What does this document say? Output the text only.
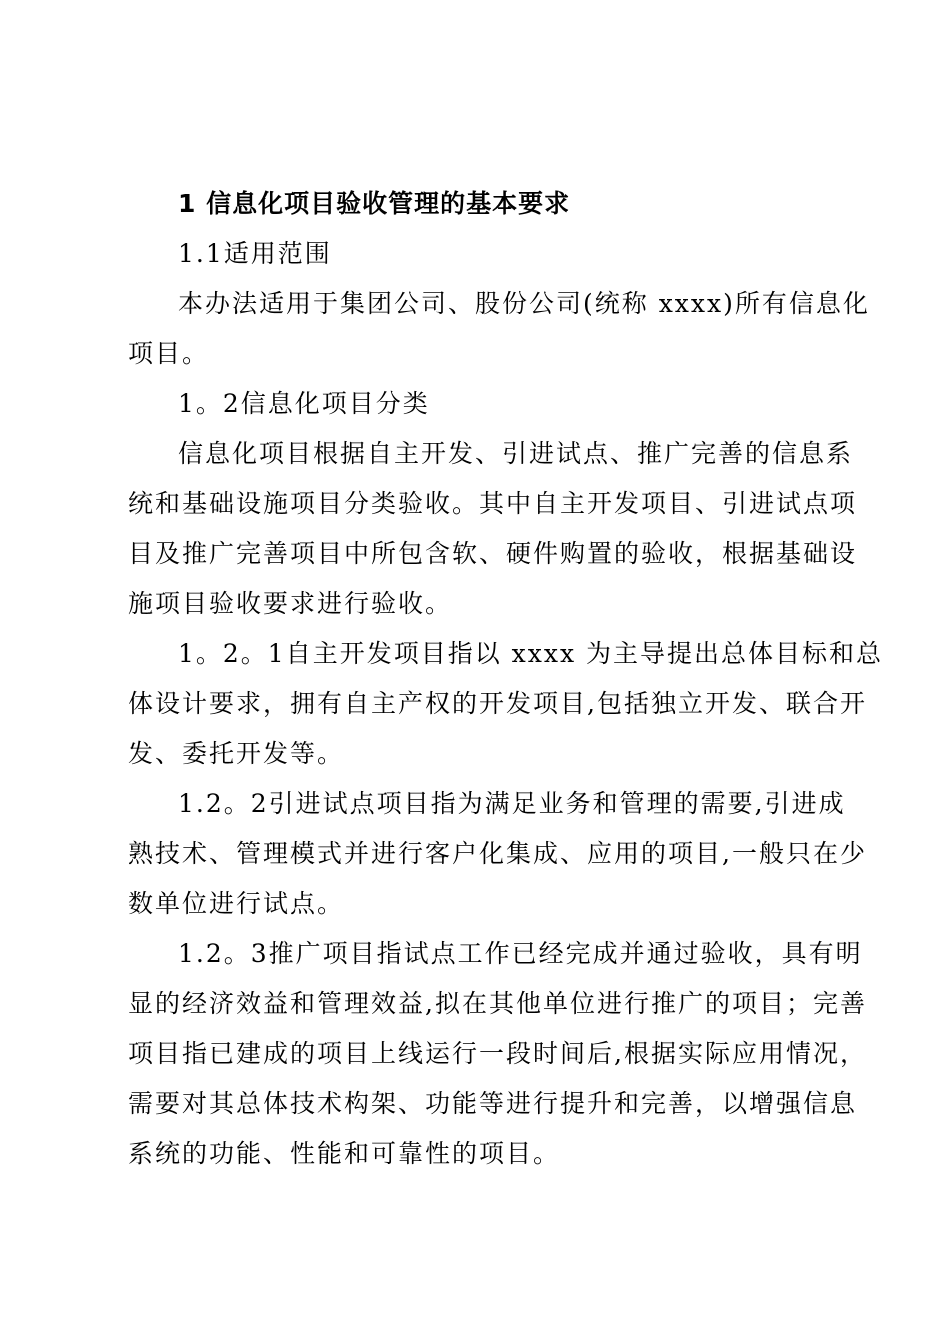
1 信息化项目验收管理的基本要求
1.1适用范围
本办法适用于集团公司、股份公司(统称 xxxx)所有信息化
项目。
1。2信息化项目分类
信息化项目根据自主开发、引进试点、推广完善的信息系
统和基础设施项目分类验收。其中自主开发项目、引进试点项
目及推广完善项目中所包含软、硬件购置的验收，根据基础设
施项目验收要求进行验收。
1。2。1自主开发项目指以 xxxx 为主导提出总体目标和总
体设计要求，拥有自主产权的开发项目,包括独立开发、联合开
发、委托开发等。
1.2。2引进试点项目指为满足业务和管理的需要,引进成
熟技术、管理模式并进行客户化集成、应用的项目,一般只在少
数单位进行试点。
1.2。3推广项目指试点工作已经完成并通过验收，具有明
显的经济效益和管理效益,拟在其他单位进行推广的项目；完善
项目指已建成的项目上线运行一段时间后,根据实际应用情况，
需要对其总体技术构架、功能等进行提升和完善，以增强信息
系统的功能、性能和可靠性的项目。
